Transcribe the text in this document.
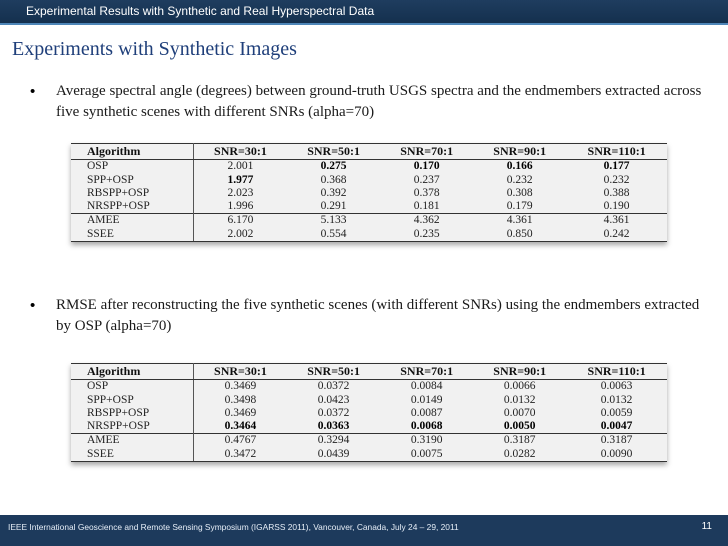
Experimental Results with Synthetic and Real Hyperspectral Data
Experiments with Synthetic Images
• Average spectral angle (degrees) between ground-truth USGS spectra and the endmembers extracted across five synthetic scenes with different SNRs (alpha=70)
Algorithm	SNR=30:1	SNR=50:1	SNR=70:1	SNR=90:1	SNR=110:1
OSP	2.001	0.275	0.170	0.166	0.177
SPP+OSP	1.977	0.368	0.237	0.232	0.232
RBSPP+OSP	2.023	0.392	0.378	0.308	0.388
NRSPP+OSP	1.996	0.291	0.181	0.179	0.190
AMEE	6.170	5.133	4.362	4.361	4.361
SSEE	2.002	0.554	0.235	0.850	0.242
• RMSE after reconstructing the five synthetic scenes (with different SNRs) using the endmembers extracted by OSP (alpha=70)
Algorithm	SNR=30:1	SNR=50:1	SNR=70:1	SNR=90:1	SNR=110:1
OSP	0.3469	0.0372	0.0084	0.0066	0.0063
SPP+OSP	0.3498	0.0423	0.0149	0.0132	0.0132
RBSPP+OSP	0.3469	0.0372	0.0087	0.0070	0.0059
NRSPP+OSP	0.3464	0.0363	0.0068	0.0050	0.0047
AMEE	0.4767	0.3294	0.3190	0.3187	0.3187
SSEE	0.3472	0.0439	0.0075	0.0282	0.0090
IEEE International Geoscience and Remote Sensing Symposium (IGARSS 2011), Vancouver, Canada, July 24 – 29, 2011	11
